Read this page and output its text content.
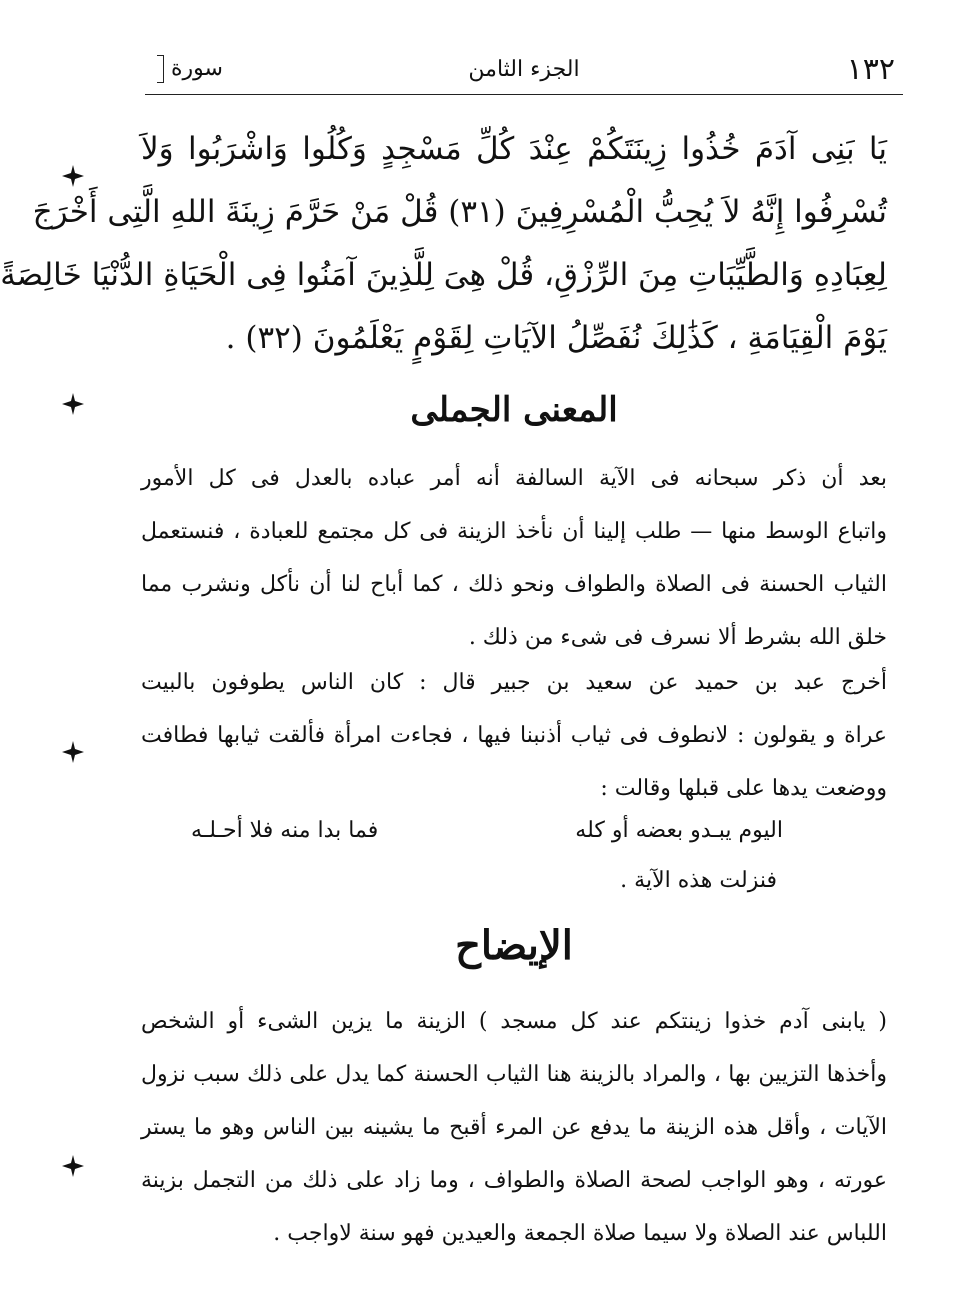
١٣٢
الجزء الثامن
سورة
يَا بَنِى آدَمَ خُذُوا زِينَتَكُمْ عِنْدَ كُلِّ مَسْجِدٍ وَكُلُوا وَاشْرَبُوا وَلاَ
تُسْرِفُوا إِنَّهُ لاَ يُحِبُّ الْمُسْرِفِينَ (٣١) قُلْ مَنْ حَرَّمَ زِينَةَ اللهِ الَّتِى أَخْرَجَ
لِعِبَادِهِ وَالطَّيِّبَاتِ مِنَ الرِّزْقِ، قُلْ هِىَ لِلَّذِينَ آمَنُوا فِى الْحَيَاةِ الدُّنْيَا خَالِصَةً
يَوْمَ الْقِيَامَةِ ، كَذَٰلِكَ نُفَصِّلُ الآيَاتِ لِقَوْمٍ يَعْلَمُونَ (٣٢) .
المعنى الجملى
بعد أن ذكر سبحانه فى الآية السالفة أنه أمر عباده بالعدل فى كل الأمور
واتباع الوسط منها — طلب إلينا أن نأخذ الزينة فى كل مجتمع للعبادة ، فنستعمل
الثياب الحسنة فى الصلاة والطواف ونحو ذلك ، كما أباح لنا أن نأكل ونشرب مما
خلق الله بشرط ألا نسرف فى شىء من ذلك .
أخرج عبد بن حميد عن سعيد بن جبير قال : كان الناس يطوفون بالبيت
عراة و يقولون : لانطوف فى ثياب أذنبنا فيها ، فجاءت امرأة فألقت ثيابها فطافت
ووضعت يدها على قبلها وقالت :
اليوم يبـدو بعضه أو كله
فما بدا منه فلا أحـلـه
فنزلت هذه الآية .
الإيضاح
( يابنى آدم خذوا زينتكم عند كل مسجد ) الزينة ما يزين الشىء أو الشخص
وأخذها التزيين بها ، والمراد بالزينة هنا الثياب الحسنة كما يدل على ذلك سبب نزول
الآيات ، وأقل هذه الزينة ما يدفع عن المرء أقبح ما يشينه بين الناس وهو ما يستر
عورته ، وهو الواجب لصحة الصلاة والطواف ، وما زاد على ذلك من التجمل بزينة
اللباس عند الصلاة ولا سيما صلاة الجمعة والعيدين فهو سنة لاواجب .
